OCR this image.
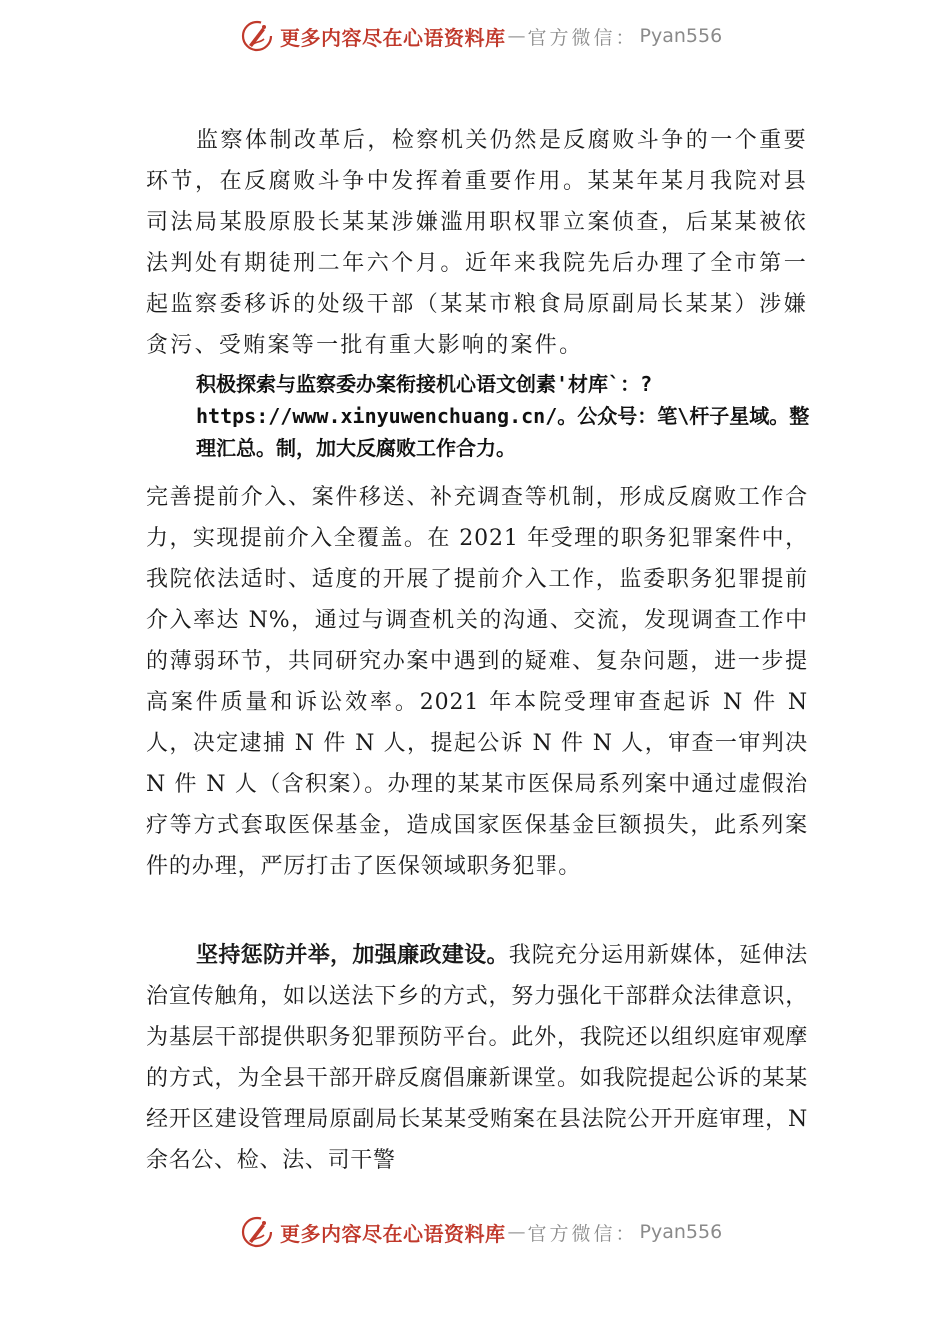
更多内容尽在心语资料库 — 官方微信： Pyan556

监察体制改革后，检察机关仍然是反腐败斗争的一个重要环节，在反腐败斗争中发挥着重要作用。某某年某月我院对县司法局某股原股长某某涉嫌滥用职权罪立案侦查，后某某被依法判处有期徒刑二年六个月。近年来我院先后办理了全市第一起监察委移诉的处级干部（某某市粮食局原副局长某某）涉嫌贪污、受贿案等一批有重大影响的案件。

积极探索与监察委办案衔接机心语文创素'材库`：?https://www.xinyuwenchuang.cn/。公众号：笔\杆子星域。整理汇总。制，加大反腐败工作合力。

完善提前介入、案件移送、补充调查等机制，形成反腐败工作合力，实现提前介入全覆盖。在 2021 年受理的职务犯罪案件中，我院依法适时、适度的开展了提前介入工作，监委职务犯罪提前介入率达 N%，通过与调查机关的沟通、交流，发现调查工作中的薄弱环节，共同研究办案中遇到的疑难、复杂问题，进一步提高案件质量和诉讼效率。2021 年本院受理审查起诉 N 件 N 人，决定逮捕 N 件 N 人，提起公诉 N 件 N 人，审查一审判决 N 件 N 人（含积案）。办理的某某市医保局系列案中通过虚假治疗等方式套取医保基金，造成国家医保基金巨额损失，此系列案件的办理，严厉打击了医保领域职务犯罪。

坚持惩防并举，加强廉政建设。我院充分运用新媒体，延伸法治宣传触角，如以送法下乡的方式，努力强化干部群众法律意识，为基层干部提供职务犯罪预防平台。此外，我院还以组织庭审观摩的方式，为全县干部开辟反腐倡廉新课堂。如我院提起公诉的某某经开区建设管理局原副局长某某受贿案在县法院公开开庭审理，N 余名公、检、法、司干警

更多内容尽在心语资料库 — 官方微信： Pyan556
